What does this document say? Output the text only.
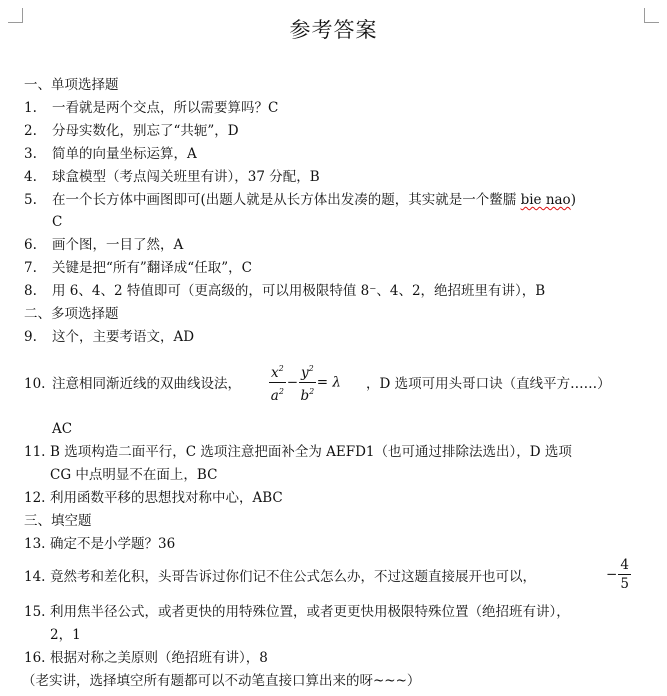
参考答案
一、单项选择题
1. 一看就是两个交点，所以需要算吗？C
2. 分母实数化，别忘了“共轭”，D
3. 简单的向量坐标运算，A
4. 球盒模型（考点闯关班里有讲），37 分配，B
5. 在一个长方体中画图即可(出题人就是从长方体出发凑的题，其实就是一个鳖臑 bie nao)
C
6. 画个图，一目了然，A
7. 关键是把“所有”翻译成“任取”，C
8. 用 6、4、2 特值即可（更高级的，可以用极限特值 8⁻、4、2，绝招班里有讲），B
二、多项选择题
9. 这个，主要考语文，AD
10. 注意相同渐近线的双曲线设法， $\frac{x^2}{a^2} - \frac{y^2}{b^2} = \lambda$ ，D 选项可用头哥口诀（直线平方……）
AC
11. B 选项构造二面平行，C 选项注意把面补全为 AEFD1（也可通过排除法选出），D 选项
CG 中点明显不在面上，BC
12. 利用函数平移的思想找对称中心，ABC
三、填空题
13. 确定不是小学题？36
14. 竟然考和差化积，头哥告诉过你们记不住公式怎么办，不过这题直接展开也可以，	− $\frac{4}{5}$
15. 利用焦半径公式，或者更快的用特殊位置，或者更更快用极限特殊位置（绝招班有讲），
2，1
16. 根据对称之美原则（绝招班有讲），8
（老实讲，选择填空所有题都可以不动笔直接口算出来的呀~~~）
